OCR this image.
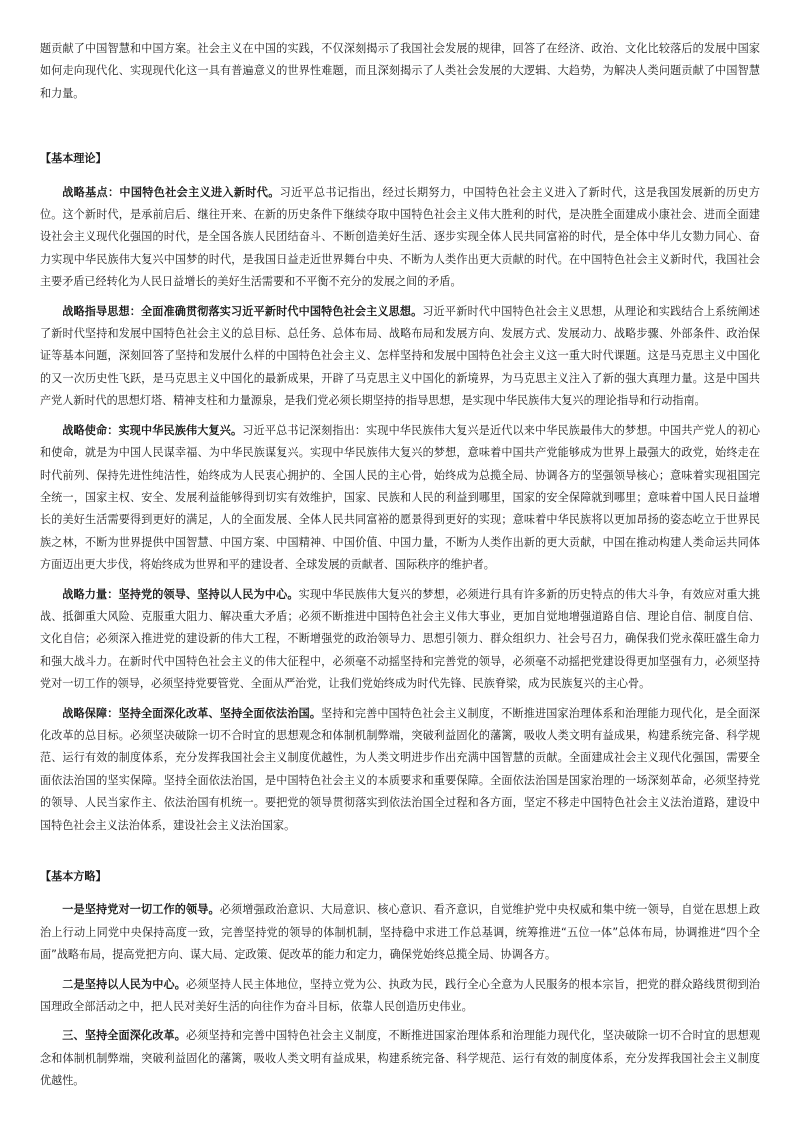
题贡献了中国智慧和中国方案。社会主义在中国的实践，不仅深刻揭示了我国社会发展的规律，回答了在经济、政治、文化比较落后的发展中国家如何走向现代化、实现现代化这一具有普遍意义的世界性难题，而且深刻揭示了人类社会发展的大逻辑、大趋势，为解决人类问题贡献了中国智慧和力量。

【基本理论】

战略基点：中国特色社会主义进入新时代。习近平总书记指出，经过长期努力，中国特色社会主义进入了新时代，这是我国发展新的历史方位。这个新时代，是承前启后、继往开来、在新的历史条件下继续夺取中国特色社会主义伟大胜利的时代，是决胜全面建成小康社会、进而全面建设社会主义现代化强国的时代，是全国各族人民团结奋斗、不断创造美好生活、逐步实现全体人民共同富裕的时代，是全体中华儿女勠力同心、奋力实现中华民族伟大复兴中国梦的时代，是我国日益走近世界舞台中央、不断为人类作出更大贡献的时代。在中国特色社会主义新时代，我国社会主要矛盾已经转化为人民日益增长的美好生活需要和不平衡不充分的发展之间的矛盾。

战略指导思想：全面准确贯彻落实习近平新时代中国特色社会主义思想。习近平新时代中国特色社会主义思想，从理论和实践结合上系统阐述了新时代坚持和发展中国特色社会主义的总目标、总任务、总体布局、战略布局和发展方向、发展方式、发展动力、战略步骤、外部条件、政治保证等基本问题，深刻回答了坚持和发展什么样的中国特色社会主义、怎样坚持和发展中国特色社会主义这一重大时代课题。这是马克思主义中国化的又一次历史性飞跃，是马克思主义中国化的最新成果，开辟了马克思主义中国化的新境界，为马克思主义注入了新的强大真理力量。这是中国共产党人新时代的思想灯塔、精神支柱和力量源泉，是我们党必须长期坚持的指导思想，是实现中华民族伟大复兴的理论指导和行动指南。

战略使命：实现中华民族伟大复兴。习近平总书记深刻指出：实现中华民族伟大复兴是近代以来中华民族最伟大的梦想。中国共产党人的初心和使命，就是为中国人民谋幸福、为中华民族谋复兴。实现中华民族伟大复兴的梦想，意味着中国共产党能够成为世界上最强大的政党，始终走在时代前列、保持先进性纯洁性，始终成为人民衷心拥护的、全国人民的主心骨，始终成为总揽全局、协调各方的坚强领导核心；意味着实现祖国完全统一，国家主权、安全、发展利益能够得到切实有效维护，国家、民族和人民的利益到哪里，国家的安全保障就到哪里；意味着中国人民日益增长的美好生活需要得到更好的满足，人的全面发展、全体人民共同富裕的愿景得到更好的实现；意味着中华民族将以更加昂扬的姿态屹立于世界民族之林，不断为世界提供中国智慧、中国方案、中国精神、中国价值、中国力量，不断为人类作出新的更大贡献，中国在推动构建人类命运共同体方面迈出更大步伐，将始终成为世界和平的建设者、全球发展的贡献者、国际秩序的维护者。

战略力量：坚持党的领导、坚持以人民为中心。实现中华民族伟大复兴的梦想，必须进行具有许多新的历史特点的伟大斗争，有效应对重大挑战、抵御重大风险、克服重大阻力、解决重大矛盾；必须不断推进中国特色社会主义伟大事业，更加自觉地增强道路自信、理论自信、制度自信、文化自信；必须深入推进党的建设新的伟大工程，不断增强党的政治领导力、思想引领力、群众组织力、社会号召力，确保我们党永葆旺盛生命力和强大战斗力。在新时代中国特色社会主义的伟大征程中，必须毫不动摇坚持和完善党的领导，必须毫不动摇把党建设得更加坚强有力，必须坚持党对一切工作的领导，必须坚持党要管党、全面从严治党，让我们党始终成为时代先锋、民族脊梁，成为民族复兴的主心骨。

战略保障：坚持全面深化改革、坚持全面依法治国。坚持和完善中国特色社会主义制度，不断推进国家治理体系和治理能力现代化，是全面深化改革的总目标。必须坚决破除一切不合时宜的思想观念和体制机制弊端，突破利益固化的藩篱，吸收人类文明有益成果，构建系统完备、科学规范、运行有效的制度体系，充分发挥我国社会主义制度优越性，为人类文明进步作出充满中国智慧的贡献。全面建成社会主义现代化强国，需要全面依法治国的坚实保障。坚持全面依法治国，是中国特色社会主义的本质要求和重要保障。全面依法治国是国家治理的一场深刻革命，必须坚持党的领导、人民当家作主、依法治国有机统一。要把党的领导贯彻落实到依法治国全过程和各方面，坚定不移走中国特色社会主义法治道路，建设中国特色社会主义法治体系，建设社会主义法治国家。

【基本方略】

一是坚持党对一切工作的领导。必须增强政治意识、大局意识、核心意识、看齐意识，自觉维护党中央权威和集中统一领导，自觉在思想上政治上行动上同党中央保持高度一致，完善坚持党的领导的体制机制，坚持稳中求进工作总基调，统筹推进“五位一体”总体布局，协调推进“四个全面”战略布局，提高党把方向、谋大局、定政策、促改革的能力和定力，确保党始终总揽全局、协调各方。

二是坚持以人民为中心。必须坚持人民主体地位，坚持立党为公、执政为民，践行全心全意为人民服务的根本宗旨，把党的群众路线贯彻到治国理政全部活动之中，把人民对美好生活的向往作为奋斗目标，依靠人民创造历史伟业。

三、坚持全面深化改革。必须坚持和完善中国特色社会主义制度，不断推进国家治理体系和治理能力现代化，坚决破除一切不合时宜的思想观念和体制机制弊端，突破利益固化的藩篱，吸收人类文明有益成果，构建系统完备、科学规范、运行有效的制度体系，充分发挥我国社会主义制度优越性。
